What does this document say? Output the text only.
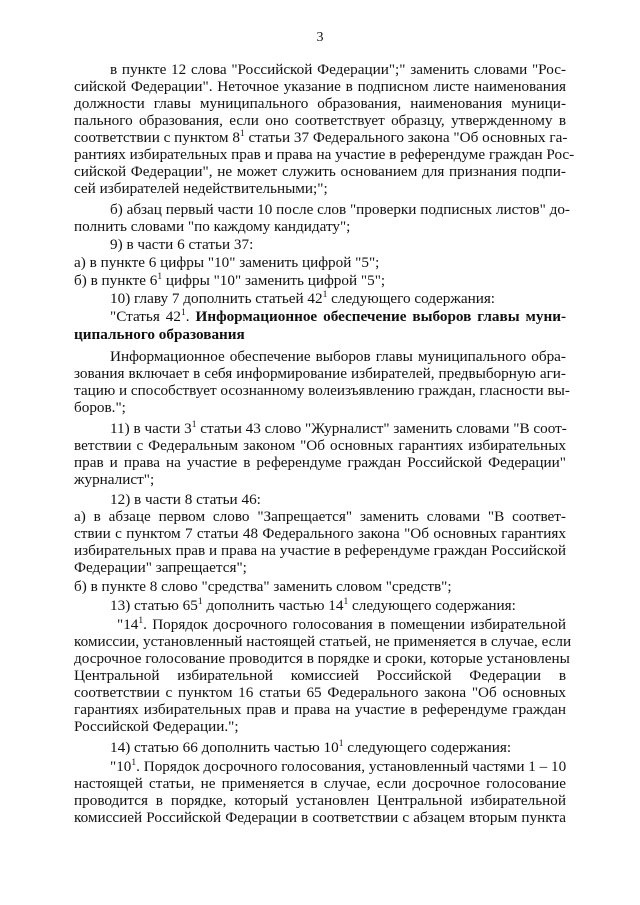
3
в пункте 12 слова "Российской Федерации";" заменить словами "Рос-
сийской Федерации". Неточное указание в подписном листе наименования
должности главы муниципального образования, наименования муници-
пального образования, если оно соответствует образцу, утвержденному в
соответствии с пунктом $8^1$ статьи 37 Федерального закона "Об основных га-
рантиях избирательных прав и права на участие в референдуме граждан Рос-
сийской Федерации", не может служить основанием для признания подпи-
сей избирателей недействительными;";
б) абзац первый части 10 после слов "проверки подписных листов" до-
полнить словами "по каждому кандидату";
9) в части 6 статьи 37:
а) в пункте 6 цифры "10" заменить цифрой "5";
б) в пункте $6^1$ цифры "10" заменить цифрой "5";
10) главу 7 дополнить статьей $42^1$ следующего содержания:
"Статья $42^1$. Информационное обеспечение выборов главы муни-
ципального образования
Информационное обеспечение выборов главы муниципального обра-
зования включает в себя информирование избирателей, предвыборную аги-
тацию и способствует осознанному волеизъявлению граждан, гласности вы-
боров.";
11) в части $3^1$ статьи 43 слово "Журналист" заменить словами "В соот-
ветствии с Федеральным законом "Об основных гарантиях избирательных
прав и права на участие в референдуме граждан Российской Федерации"
журналист";
12) в части 8 статьи 46:
а) в абзаце первом слово "Запрещается" заменить словами "В соответ-
ствии с пунктом 7 статьи 48 Федерального закона "Об основных гарантиях
избирательных прав и права на участие в референдуме граждан Российской
Федерации" запрещается";
б) в пункте 8 слово "средства" заменить словом "средств";
13) статью $65^1$ дополнить частью $14^1$ следующего содержания:
"$14^1$. Порядок досрочного голосования в помещении избирательной
комиссии, установленный настоящей статьей, не применяется в случае, если
досрочное голосование проводится в порядке и сроки, которые установлены
Центральной избирательной комиссией Российской Федерации в
соответствии с пунктом 16 статьи 65 Федерального закона "Об основных
гарантиях избирательных прав и права на участие в референдуме граждан
Российской Федерации.";
14) статью 66 дополнить частью $10^1$ следующего содержания:
"$10^1$. Порядок досрочного голосования, установленный частями 1 – 10
настоящей статьи, не применяется в случае, если досрочное голосование
проводится в порядке, который установлен Центральной избирательной
комиссией Российской Федерации в соответствии с абзацем вторым пункта
